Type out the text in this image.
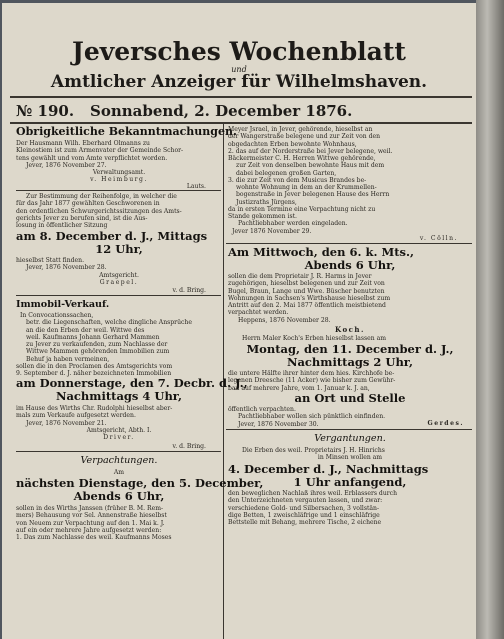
Jeversches Wochenblatt
und
Amtlicher Anzeiger für Wilhelmshaven.
№ 190. Sonnabend, 2. December 1876.
Obrigkeitliche Bekanntmachungen.
Der Hausmann Wilh. Eberhard Olmanns zu
Kleinostiem ist zum Armenvater der Gemeinde Schor-
tens gewählt und vom Amte verpflichtet worden.
Jever, 1876 November 27.
Verwaltungsamt.
v. Heimburg.
Lauts.
Zur Bestimmung der Reihenfolge, in welcher die
für das Jahr 1877 gewählten Geschworenen in
den ordentlichen Schwurgerichtssitzungen des Amts-
gerichts Jever zu berufen sind, ist die Aus-
losung in öffentlicher Sitzung
am 8. December d. J., Mittags
12 Uhr,
hieselbst Statt finden.
Jever, 1876 November 28.
Amtsgericht.
Graepel.
v. d. Bring.
Immobil-Verkauf.
In Convocationssachen,
betr. die Liegenschaften, welche dingliche Ansprüche
an die den Erben der weil. Wittwe des
weil. Kaufmanns Johann Gerhard Mammen
zu Jever zu verkaufenden, zum Nachlasse der
Wittwe Mammen gehörenden Immobilien zum
Behuf ja haben vermeinen,
sollen die in den Proclamen des Amtsgerichts vom
9. September d. J. näher bezeichneten Immobilien
am Donnerstage, den 7. Decbr. d. J.,
Nachmittags 4 Uhr,
im Hause des Wirths Chr. Rudolphi hieselbst aber-
mals zum Verkaufe aufgesetzt werden.
Jever, 1876 November 21.
Amtsgericht, Abth. I.
Driver.
v. d. Bring.
Verpachtungen.
Am
nächsten Dienstage, den 5. December,
Abends 6 Uhr,
sollen in des Wirths Janssen (früher B. M. Rem-
mers) Behausung vor Sel. Annenstraße hieselbst
von Neuem zur Verpachtung auf den 1. Mai k. J.
auf ein oder mehrere Jahre aufgesetzt werden:
1. Das zum Nachlasse des weil. Kaufmanns Moses
Meyer Jsrael, in Jever, gehörende, hieselbst an
der Wangerstraße belegene und zur Zeit von den
obgedachten Erben bewohnte Wohnhaus,
2. das auf der Norderstraße bei Jever belegene, weil.
Bäckermeister C. H. Herren Wittwe gehörende,
zur Zeit von denselben bewohnte Haus mit dem
dabei belegenen großen Garten,
3. die zur Zeit von dem Musicus Brandes be-
wohnte Wohnung in dem an der Krummellen-
bogenstraße in Jever belegenen Hause des Herrn
Justizraths Jürgens,
da in ersten Termine eine Verpachtung nicht zu
Stande gekommen ist.
Pachtliebhaber werden eingeladen.
Jever 1876 November 29.
v. Cölln.
Am Mittwoch, den 6. k. Mts.,
Abends 6 Uhr,
sollen die dem Proprietair J. R. Harms in Jever
zugehörigen, hieselbst belegenen und zur Zeit von
Bugel, Braun, Lange und Wwe. Büscher benutzten
Wohnungen in Sachsen's Wirthshause hieselbst zum
Antritt auf den 2. Mai 1877 öffentlich meistbietend
verpachtet werden.
Heppens, 1876 November 28.
Koch.
Herrn Maler Koch's Erben hieselbst lassen am
Montag, den 11. December d. J.,
Nachmittags 2 Uhr,
die untere Hälfte ihrer hinter dem hies. Kirchhofe be-
legenen Dreesche (11 Acker) wie bisher zum Gewühr-
bau auf mehrere Jahre, vom 1. Januar k. J. an,
an Ort und Stelle
öffentlich verpachten.
Pachtliebhaber wollen sich pünktlich einfinden.
Jever, 1876 November 30.	Gerdes.
Vergantungen.
Die Erben des weil. Proprietairs J. H. Hinrichs
in Minsen wollen am
4. December d. J., Nachmittags
1 Uhr anfangend,
den beweglichen Nachlaß ihres weil. Erblassers durch
den Unterzeichneten vergauten lassen, und zwar:
verschiedene Gold- und Silbersachen, 3 vollstän-
dige Betten, 1 zweischläfrige und 1 einschläfrige
Bettstelle mit Behang, mehrere Tische, 2 eichene
